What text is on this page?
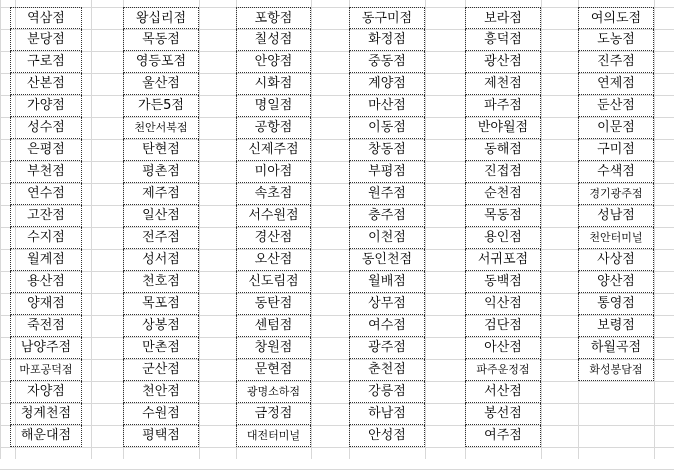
역삼점
분당점
구로점
산본점
가양점
성수점
은평점
부천점
연수점
고잔점
수지점
월계점
용산점
양재점
죽전점
남양주점
마포공덕점
자양점
청계천점
해운대점
왕십리점
목동점
영등포점
울산점
가든5점
천안서북점
탄현점
평촌점
제주점
일산점
전주점
성서점
천호점
목포점
상봉점
만촌점
군산점
천안점
수원점
평택점
포항점
칠성점
안양점
시화점
명일점
공항점
신제주점
미아점
속초점
서수원점
경산점
오산점
신도림점
동탄점
센텀점
창원점
문현점
광명소하점
금정점
대전터미널
동구미점
화정점
중동점
계양점
마산점
이동점
창동점
부평점
원주점
충주점
이천점
동인천점
월배점
상무점
여수점
광주점
춘천점
강릉점
하남점
안성점
보라점
흥덕점
광산점
제천점
파주점
반야월점
동해점
진접점
순천점
목동점
용인점
서귀포점
동백점
익산점
검단점
아산점
파주운정점
서산점
봉선점
여주점
여의도점
도농점
진주점
연제점
둔산점
이문점
구미점
수색점
경기광주점
성남점
천안터미널
사상점
양산점
통영점
보령점
하월곡점
화성봉담점
